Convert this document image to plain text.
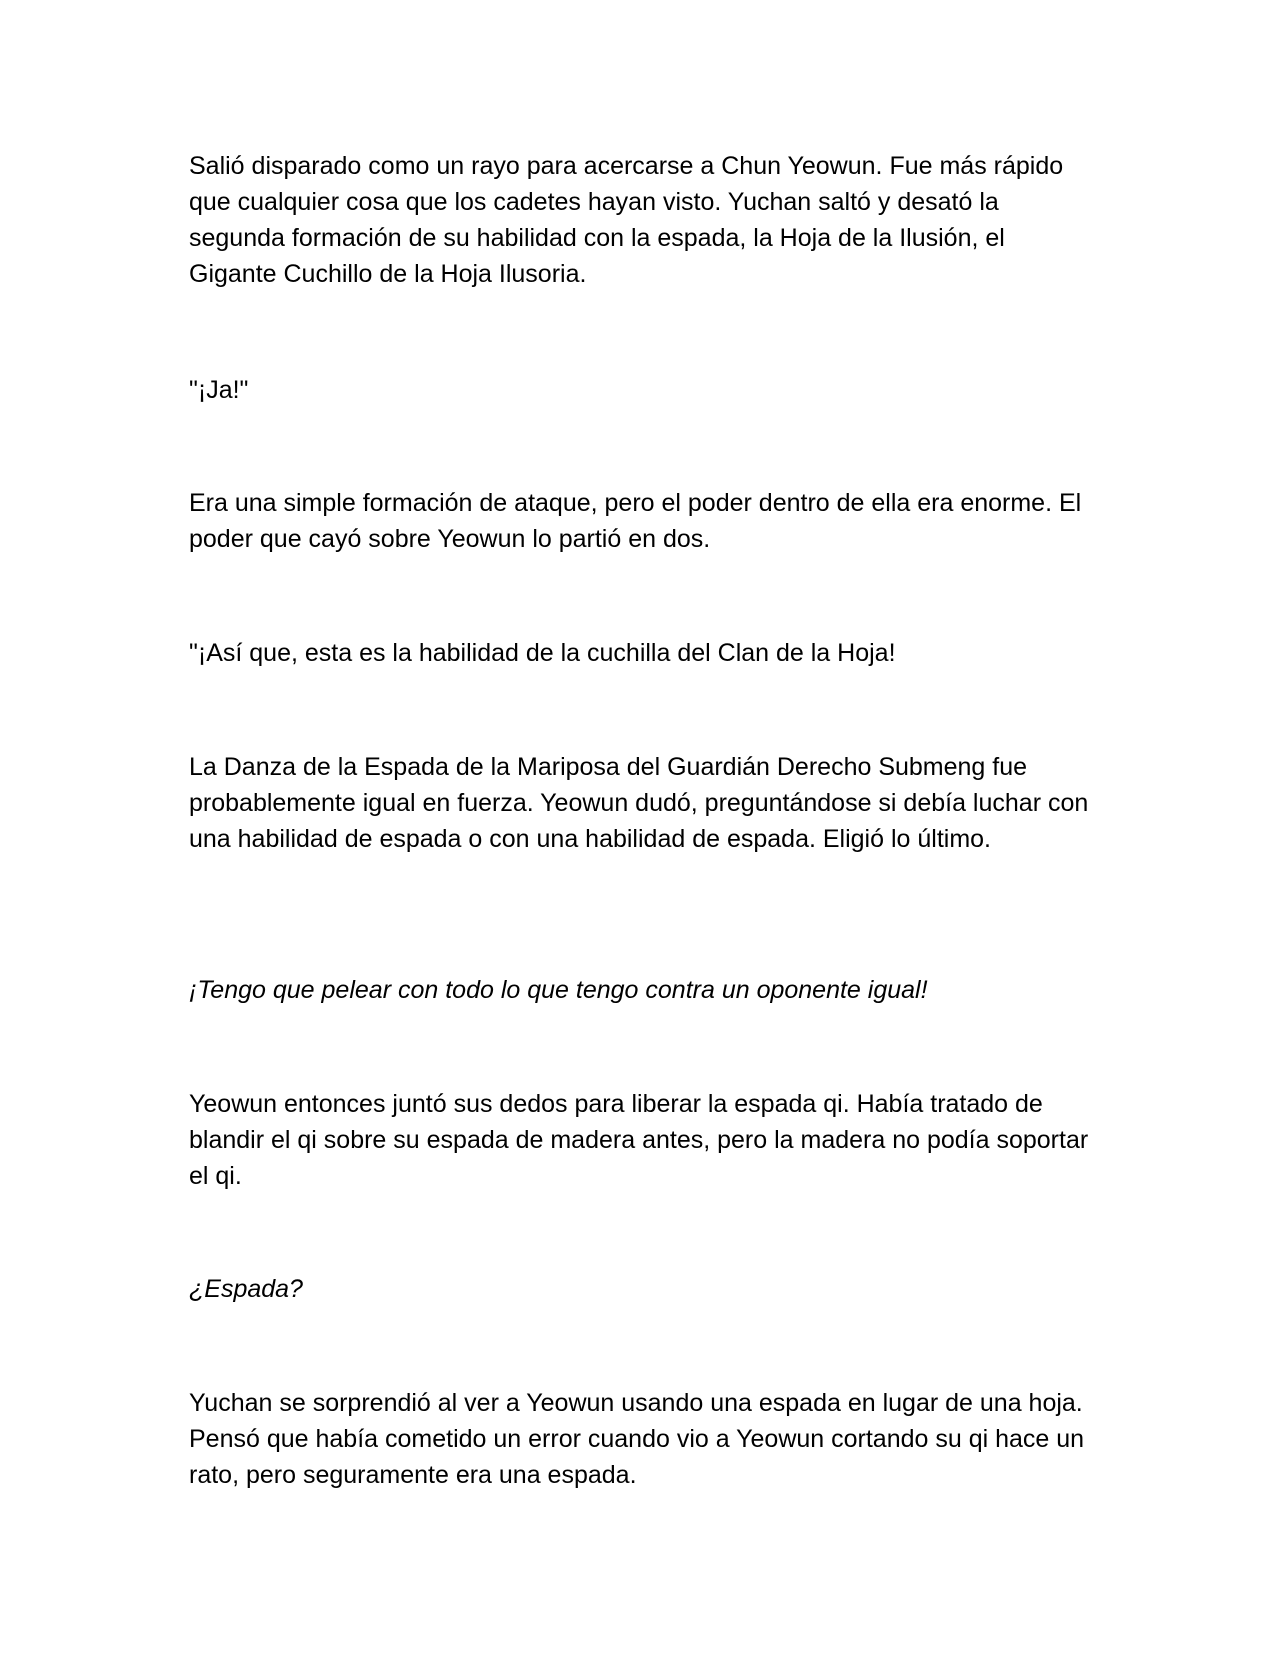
Salió disparado como un rayo para acercarse a Chun Yeowun. Fue más rápido que cualquier cosa que los cadetes hayan visto. Yuchan saltó y desató la segunda formación de su habilidad con la espada, la Hoja de la Ilusión, el Gigante Cuchillo de la Hoja Ilusoria.

"¡Ja!"

Era una simple formación de ataque, pero el poder dentro de ella era enorme. El poder que cayó sobre Yeowun lo partió en dos.

"¡Así que, esta es la habilidad de la cuchilla del Clan de la Hoja!

La Danza de la Espada de la Mariposa del Guardián Derecho Submeng fue probablemente igual en fuerza. Yeowun dudó, preguntándose si debía luchar con una habilidad de espada o con una habilidad de espada. Eligió lo último.

¡Tengo que pelear con todo lo que tengo contra un oponente igual!

Yeowun entonces juntó sus dedos para liberar la espada qi. Había tratado de blandir el qi sobre su espada de madera antes, pero la madera no podía soportar el qi.

¿Espada?

Yuchan se sorprendió al ver a Yeowun usando una espada en lugar de una hoja. Pensó que había cometido un error cuando vio a Yeowun cortando su qi hace un rato, pero seguramente era una espada.
